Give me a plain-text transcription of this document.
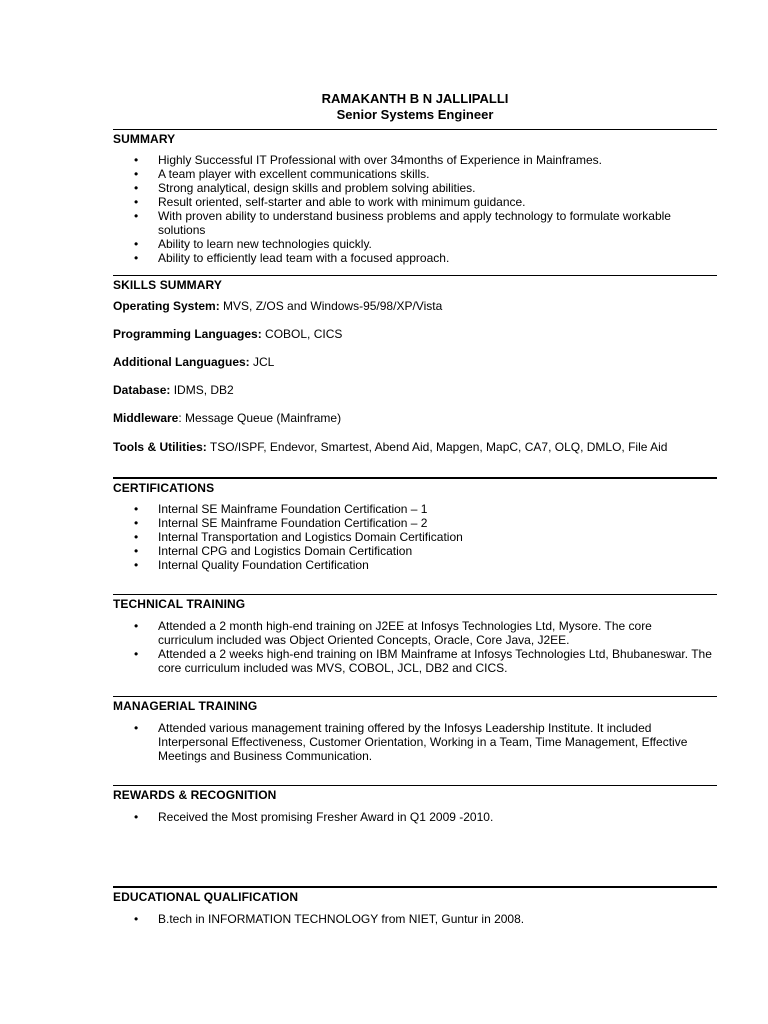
RAMAKANTH B N JALLIPALLI
Senior Systems Engineer
SUMMARY
• Highly Successful IT Professional with over 34months of Experience in Mainframes.
• A team player with excellent communications skills.
• Strong analytical, design skills and problem solving abilities.
• Result oriented, self-starter and able to work with minimum guidance.
• With proven ability to understand business problems and apply technology to formulate workable solutions
• Ability to learn new technologies quickly.
• Ability to efficiently lead team with a focused approach.
SKILLS SUMMARY

Operating System: MVS, Z/OS and Windows-95/98/XP/Vista

Programming Languages: COBOL, CICS

Additional Languagues: JCL

Database: IDMS, DB2

Middleware: Message Queue (Mainframe)

Tools & Utilities: TSO/ISPF, Endevor, Smartest, Abend Aid, Mapgen, MapC, CA7, OLQ, DMLO, File Aid

CERTIFICATIONS
• Internal SE Mainframe Foundation Certification – 1
• Internal SE Mainframe Foundation Certification – 2
• Internal Transportation and Logistics Domain Certification
• Internal CPG and Logistics Domain Certification
• Internal Quality Foundation Certification
TECHNICAL TRAINING
• Attended a 2 month high-end training on J2EE at Infosys Technologies Ltd, Mysore. The core curriculum included was Object Oriented Concepts, Oracle, Core Java, J2EE.
• Attended a 2 weeks high-end training on IBM Mainframe at Infosys Technologies Ltd, Bhubaneswar. The core curriculum included was MVS, COBOL, JCL, DB2 and CICS.
MANAGERIAL TRAINING
• Attended various management training offered by the Infosys Leadership Institute. It included Interpersonal Effectiveness, Customer Orientation, Working in a Team, Time Management, Effective Meetings and Business Communication.
REWARDS & RECOGNITION
• Received the Most promising Fresher Award in Q1 2009 -2010.
EDUCATIONAL QUALIFICATION
• B.tech in INFORMATION TECHNOLOGY from NIET, Guntur in 2008.
